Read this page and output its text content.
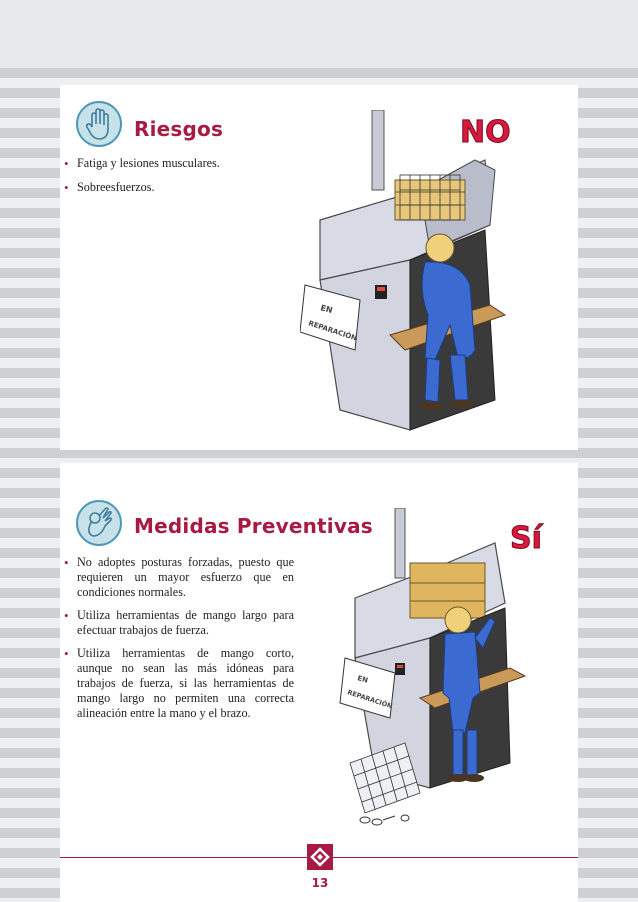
Riesgos
• Fatiga y lesiones musculares.
• Sobreesfuerzos.
EN
REPARACIÓN
NO
Medidas Preventivas
• No adoptes posturas forzadas, puesto que requieren un mayor esfuerzo que en condiciones normales.
• Utiliza herramientas de mango largo para efectuar trabajos de fuerza.
• Utiliza herramientas de mango corto, aunque no sean las más idóneas para trabajos de fuerza, si las herramientas de mango largo no permiten una correcta alineación entre la mano y el brazo.
EN
REPARACIÓN
Sí
13
